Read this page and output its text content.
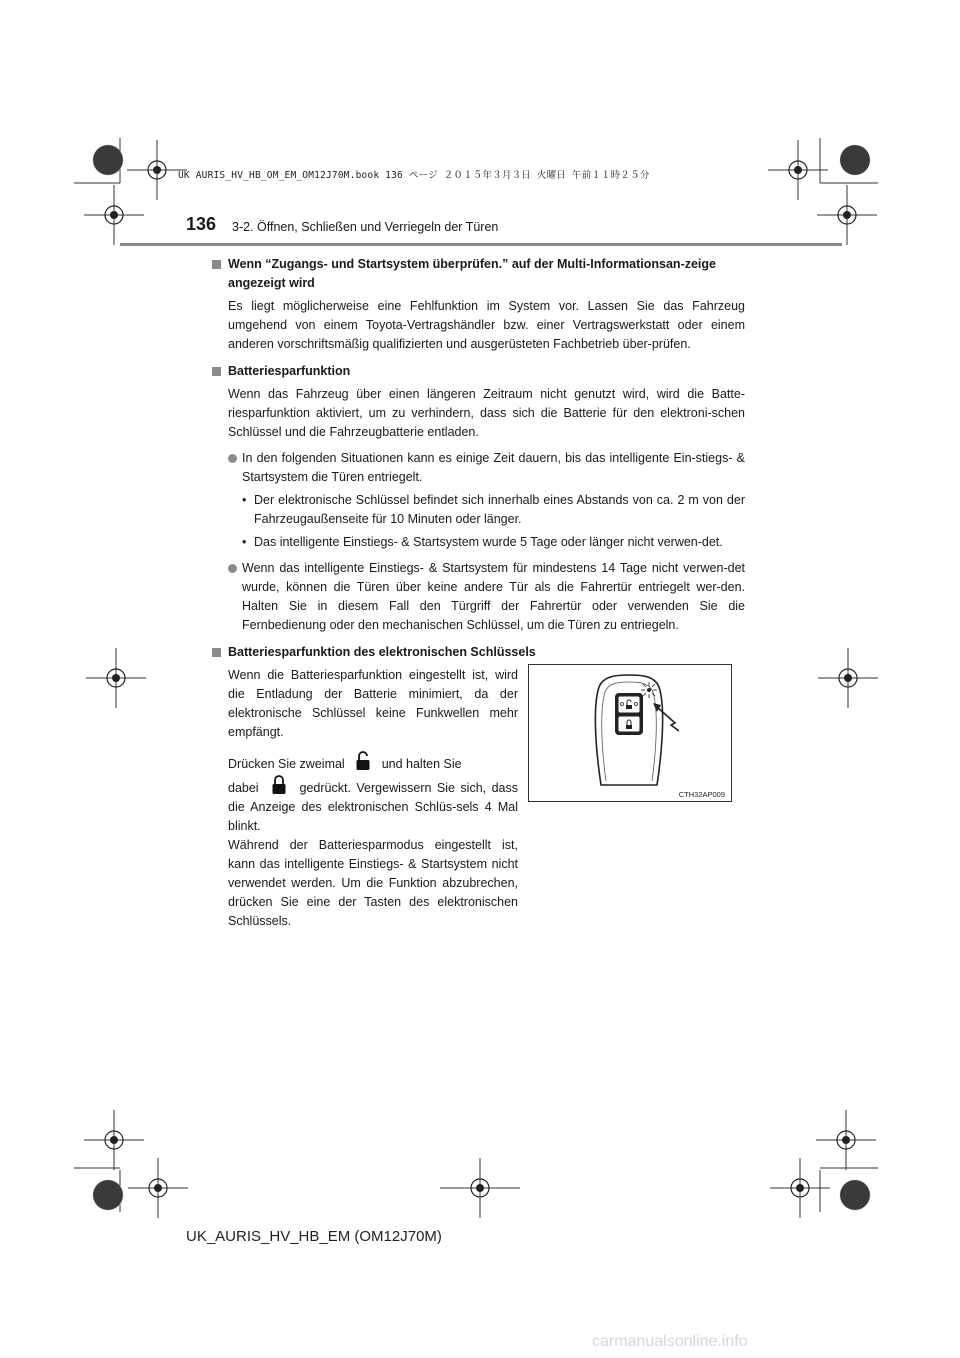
UK AURIS_HV_HB_OM_EM_OM12J70M.book 136 ページ ２０１５年３月３日 火曜日 午前１１時２５分
136 3-2. Öffnen, Schließen und Verriegeln der Türen
Wenn “Zugangs- und Startsystem überprüfen.” auf der Multi-Informationsan-zeige angezeigt wird

Es liegt möglicherweise eine Fehlfunktion im System vor. Lassen Sie das Fahrzeug umgehend von einem Toyota-Vertragshändler bzw. einer Vertragswerkstatt oder einem anderen vorschriftsmäßig qualifizierten und ausgerüsteten Fachbetrieb über-prüfen.

Batteriesparfunktion

Wenn das Fahrzeug über einen längeren Zeitraum nicht genutzt wird, wird die Batte-riesparfunktion aktiviert, um zu verhindern, dass sich die Batterie für den elektroni-schen Schlüssel und die Fahrzeugbatterie entladen.

In den folgenden Situationen kann es einige Zeit dauern, bis das intelligente Ein-stiegs- & Startsystem die Türen entriegelt.
• Der elektronische Schlüssel befindet sich innerhalb eines Abstands von ca. 2 m von der Fahrzeugaußenseite für 10 Minuten oder länger.
• Das intelligente Einstiegs- & Startsystem wurde 5 Tage oder länger nicht verwen-det.
Wenn das intelligente Einstiegs- & Startsystem für mindestens 14 Tage nicht verwen-det wurde, können die Türen über keine andere Tür als die Fahrertür entriegelt wer-den. Halten Sie in diesem Fall den Türgriff der Fahrertür oder verwenden Sie die Fernbedienung oder den mechanischen Schlüssel, um die Türen zu entriegeln.
Batteriesparfunktion des elektronischen Schlüssels

Wenn die Batteriesparfunktion eingestellt ist, wird die Entladung der Batterie minimiert, da der elektronische Schlüssel keine Funkwellen mehr empfängt.

Drücken Sie zweimal	und halten Sie
dabei	gedrückt. Vergewissern Sie sich, dass die Anzeige des elektronischen Schlüs-sels 4 Mal blinkt.

Während der Batteriesparmodus eingestellt ist, kann das intelligente Einstiegs- & Startsystem nicht verwendet werden. Um die Funktion abzubrechen, drücken Sie eine der Tasten des elektronischen Schlüssels.

CTH32AP009
UK_AURIS_HV_HB_EM (OM12J70M)
carmanualsonline.info
